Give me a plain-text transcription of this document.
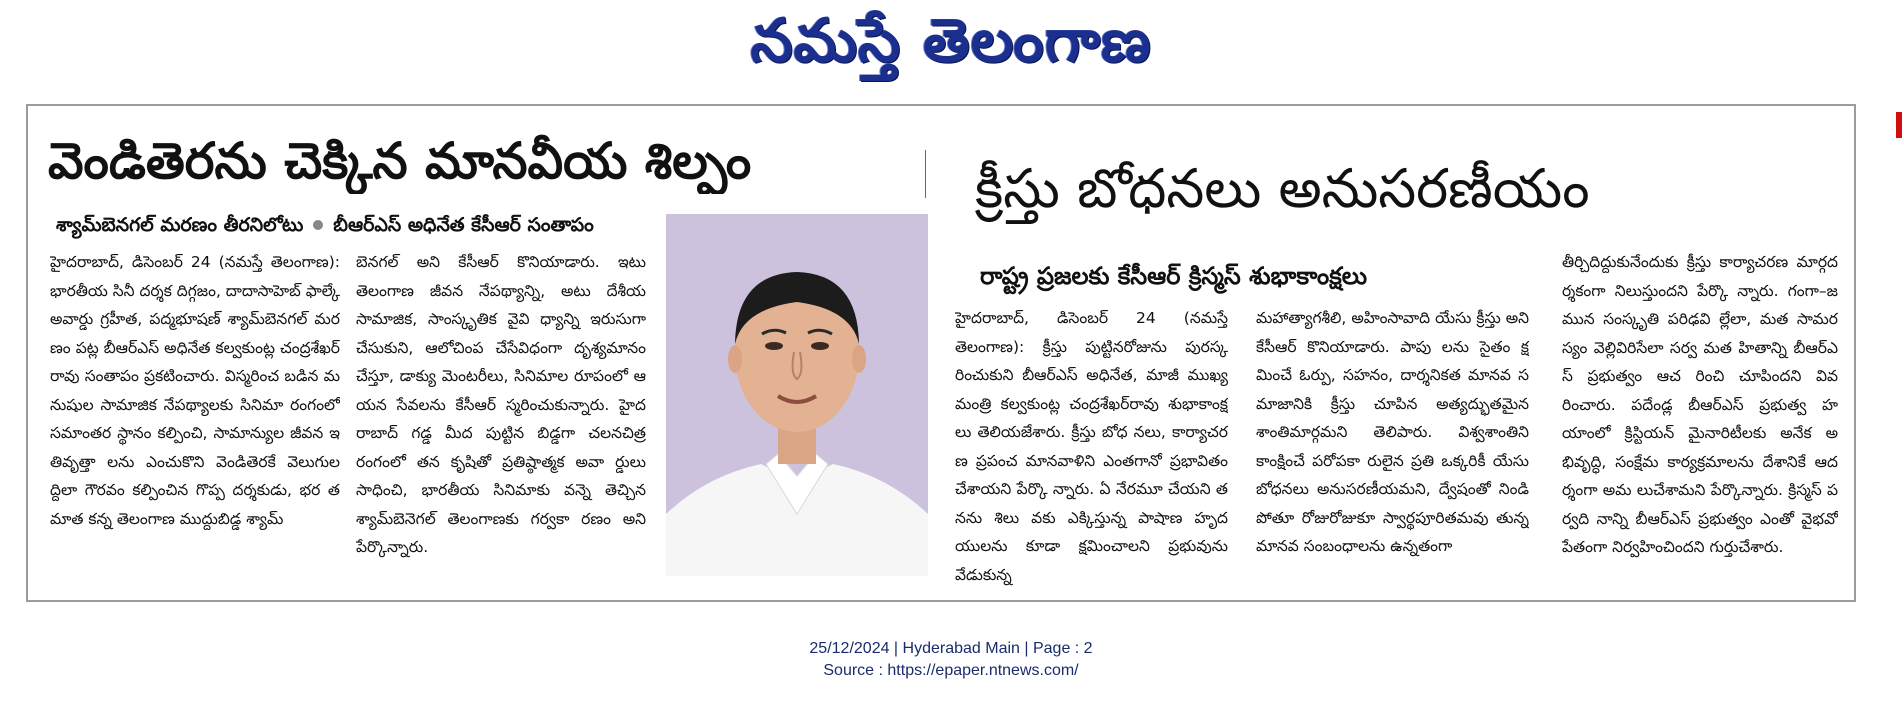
నమస్తే తెలంగాణ
వెండితెరను చెక్కిన మానవీయ శిల్పం
శ్యామ్‌బెనగల్ మరణం తీరనిలోటు బీఆర్‌ఎస్ అధినేత కేసీఆర్ సంతాపం

హైదరాబాద్, డిసెంబర్ 24 (నమస్తే తెలంగాణ): భారతీయ సినీ దర్శక దిగ్గజం, దాదాసాహెబ్ ఫాల్కే అవార్డు గ్రహీత, పద్మభూషణ్ శ్యామ్‌బెనగల్ మరణం పట్ల బీఆర్‌ఎస్ అధినేత కల్వకుంట్ల చంద్రశేఖర్ రావు సంతాపం ప్రకటించారు. విస్మరించ బడిన మనుషుల సామాజిక నేపథ్యాలకు సినిమా రంగంలో సమాంతర స్థానం కల్పించి, సామాన్యుల జీవన ఇతివృత్తా లను ఎంచుకొని వెండితెరకే వెలుగులద్దిలా గౌరవం కల్పించిన గొప్ప దర్శకుడు, భర తమాత కన్న తెలంగాణ ముద్దుబిడ్డ శ్యామ్

బెనగల్ అని కేసీఆర్ కొనియాడారు. ఇటు తెలంగాణ జీవన నేపథ్యాన్ని, అటు దేశీయ సామాజిక, సాంస్కృతిక వైవి ధ్యాన్ని ఇరుసుగా చేసుకుని, ఆలోచింప చేసేవిధంగా దృశ్యమానం చేస్తూ, డాక్యు మెంటరీలు, సినిమాల రూపంలో ఆయన సేవలను కేసీఆర్ స్మరించుకున్నారు. హైద రాబాద్ గడ్డ మీద పుట్టిన బిడ్డగా చలనచిత్ర రంగంలో తన కృషితో ప్రతిష్ఠాత్మక అవా ర్డులు సాధించి, భారతీయ సినిమాకు వన్నె తెచ్చిన శ్యామ్‌బెనెగల్ తెలంగాణకు గర్వకా రణం అని పేర్కొన్నారు.

క్రీస్తు బోధనలు అనుసరణీయం
రాష్ట్ర ప్రజలకు కేసీఆర్ క్రిస్మస్ శుభాకాంక్షలు

హైదరాబాద్, డిసెంబర్ 24 (నమస్తే తెలంగాణ): క్రీస్తు పుట్టినరోజును పురస్క రించుకుని బీఆర్‌ఎస్ అధినేత, మాజీ ముఖ్యమంత్రి కల్వకుంట్ల చంద్రశేఖర్‌రావు శుభాకాంక్షలు తెలియజేశారు. క్రీస్తు బోధ నలు, కార్యాచరణ ప్రపంచ మానవాళిని ఎంతగానో ప్రభావితం చేశాయని పేర్కొ న్నారు. ఏ నేరమూ చేయని తనను శిలు వకు ఎక్కిస్తున్న పాషాణ హృదయులను కూడా క్షమించాలని ప్రభువును వేడుకున్న

మహాత్యాగశీలి, అహింసావాది యేసు క్రీస్తు అని కేసీఆర్ కొనియాడారు. పాపు లను సైతం క్షమించే ఓర్పు, సహనం, దార్శనికత మానవ సమాజానికి క్రీస్తు చూపిన అత్యద్భుతమైన శాంతిమార్గమని తెలిపారు. విశ్వశాంతిని కాంక్షించే పరోపకా రులైన ప్రతి ఒక్కరికీ యేసు బోధనలు అనుసరణీయమని, ద్వేషంతో నిండి పోతూ రోజురోజుకూ స్వార్థపూరితమవు తున్న మానవ సంబంధాలను ఉన్నతంగా

తీర్చిదిద్దుకునేందుకు క్రీస్తు కార్యాచరణ మార్గదర్శకంగా నిలుస్తుందని పేర్కొ న్నారు. గంగా–జమున సంస్కృతి పరిఢవి ల్లేలా, మత సామరస్యం వెల్లివిరిసేలా సర్వ మత హితాన్ని బీఆర్‌ఎస్ ప్రభుత్వం ఆచ రించి చూపిందని వివరించారు. పదేండ్ల బీఆర్‌ఎస్ ప్రభుత్వ హయాంలో క్రిస్టియన్ మైనారిటీలకు అనేక అభివృద్ధి, సంక్షేమ కార్యక్రమాలను దేశానికే ఆదర్శంగా అమ లుచేశామని పేర్కొన్నారు. క్రిస్మస్ పర్వది నాన్ని బీఆర్‌ఎస్ ప్రభుత్వం ఎంతో వైభవో పేతంగా నిర్వహించిందని గుర్తుచేశారు.

25/12/2024 | Hyderabad Main | Page : 2
Source : https://epaper.ntnews.com/
